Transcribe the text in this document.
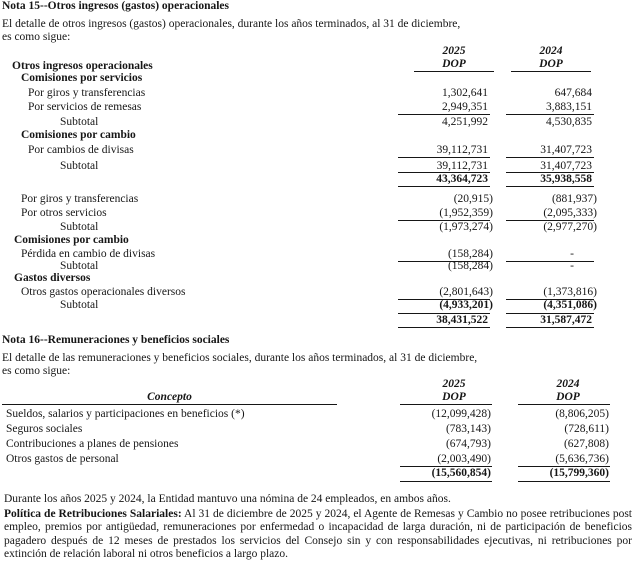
Nota 15--Otros ingresos (gastos) operacionales
El detalle de otros ingresos (gastos) operacionales, durante los años terminados, al 31 de diciembre,
es como sigue:
2025	2024
DOP	DOP
Otros ingresos operacionales
Comisiones por servicios
Por giros y transferencias	1,302,641	647,684
Por servicios de remesas	2,949,351	3,883,151
Subtotal	4,251,992	4,530,835
Comisiones por cambio
Por cambios de divisas	39,112,731	31,407,723
Subtotal	39,112,731	31,407,723
43,364,723	35,938,558
Por giros y transferencias	(20,915)	(881,937)
Por otros servicios	(1,952,359)	(2,095,333)
Subtotal	(1,973,274)	(2,977,270)
Comisiones por cambio
Pérdida en cambio de divisas	(158,284)	-
Subtotal	(158,284)	-
Gastos diversos
Otros gastos operacionales diversos	(2,801,643)	(1,373,816)
Subtotal	(4,933,201)	(4,351,086)
38,431,522	31,587,472
Nota 16--Remuneraciones y beneficios sociales
El detalle de las remuneraciones y beneficios sociales, durante los años terminados, al 31 de diciembre,
es como sigue:
2025	2024
DOP	DOP
Concepto
Sueldos, salarios y participaciones en beneficios (*)	(12,099,428)	(8,806,205)
Seguros sociales	(783,143)	(728,611)
Contribuciones a planes de pensiones	(674,793)	(627,808)
Otros gastos de personal	(2,003,490)	(5,636,736)
(15,560,854)	(15,799,360)
Durante los años 2025 y 2024, la Entidad mantuvo una nómina de 24 empleados, en ambos años.
Política de Retribuciones Salariales: Al 31 de diciembre de 2025 y 2024, el Agente de Remesas y Cambio no posee retribuciones post empleo, premios por antigüedad, remuneraciones por enfermedad o incapacidad de larga duración, ni de participación de beneficios pagadero después de 12 meses de prestados los servicios del Consejo sin y con responsabilidades ejecutivas, ni retribuciones por extinción de relación laboral ni otros beneficios a largo plazo.
